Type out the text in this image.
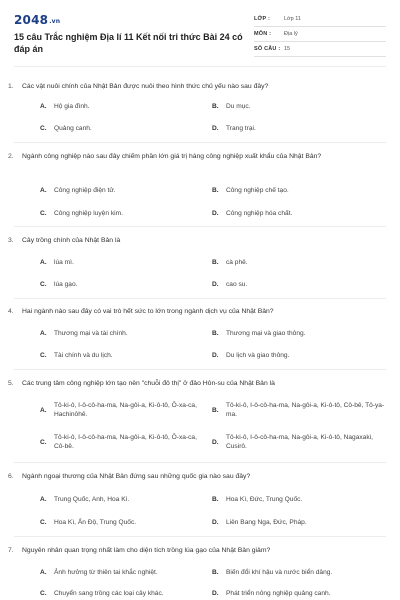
2048.vn
15 câu Trắc nghiệm Địa lí 11 Kết nối tri thức Bài 24 có đáp án
LỚP :	Lớp 11
MÔN : Địa lý
SỐ CÂU : 15
1. Các vật nuôi chính của Nhật Bản được nuôi theo hình thức chủ yếu nào sau đây?
A. Hộ gia đình.	B. Du mục.
C. Quảng canh.	D. Trang trại.
2. Ngành công nghiệp nào sau đây chiếm phần lớn giá trị hàng công nghiệp xuất khẩu của Nhật Bản?
A. Công nghiệp điện tử.	B. Công nghiệp chế tạo.
C. Công nghiệp luyện kim.	D. Công nghiệp hóa chất.
3. Cây trồng chính của Nhật Bản là
A. lúa mì.	B. cà phê.
C. lúa gạo.	D. cao su.
4. Hai ngành nào sau đây có vai trò hết sức to lớn trong ngành dịch vụ của Nhật Bản?
A. Thương mại và tài chính.	B. Thương mại và giao thông.
C. Tài chính và du lịch.	D. Du lịch và giao thông.
5. Các trung tâm công nghiệp lớn tạo nên "chuỗi đô thị" ở đảo Hôn-su của Nhật Bản là
A.
Tô-ki-ô, I-ô-cô-ha-ma, Na-gôi-a, Ki-ô-tô, Ô-xa-ca, Hachinôhê.
B.
Tô-ki-ô, I-ô-cô-ha-ma, Na-gôi-a, Ki-ô-tô, Cô-bê, Tô-ya-ma.
C.
Tô-ki-ô, I-ô-cô-ha-ma, Na-gôi-a, Ki-ô-tô, Ô-xa-ca, Cô-bê.
D.
Tô-ki-ô, I-ô-cô-ha-ma, Na-gôi-a, Ki-ô-tô, Nagaxaki, Cusirô.
6. Ngành ngoại thương của Nhật Bản đứng sau những quốc gia nào sau đây?
A. Trung Quốc, Anh, Hoa Kì.	B. Hoa Kì, Đức, Trung Quốc.
C. Hoa Kì, Ấn Độ, Trung Quốc.	D. Liên Bang Nga, Đức, Pháp.
7. Nguyên nhân quan trọng nhất làm cho diện tích trồng lúa gạo của Nhật Bản giảm?
A. Ảnh hưởng từ thiên tai khắc nghiệt.	B. Biến đổi khí hậu và nước biển dâng.
C. Chuyển sang trồng các loại cây khác.	D. Phát triển nông nghiệp quảng canh.
